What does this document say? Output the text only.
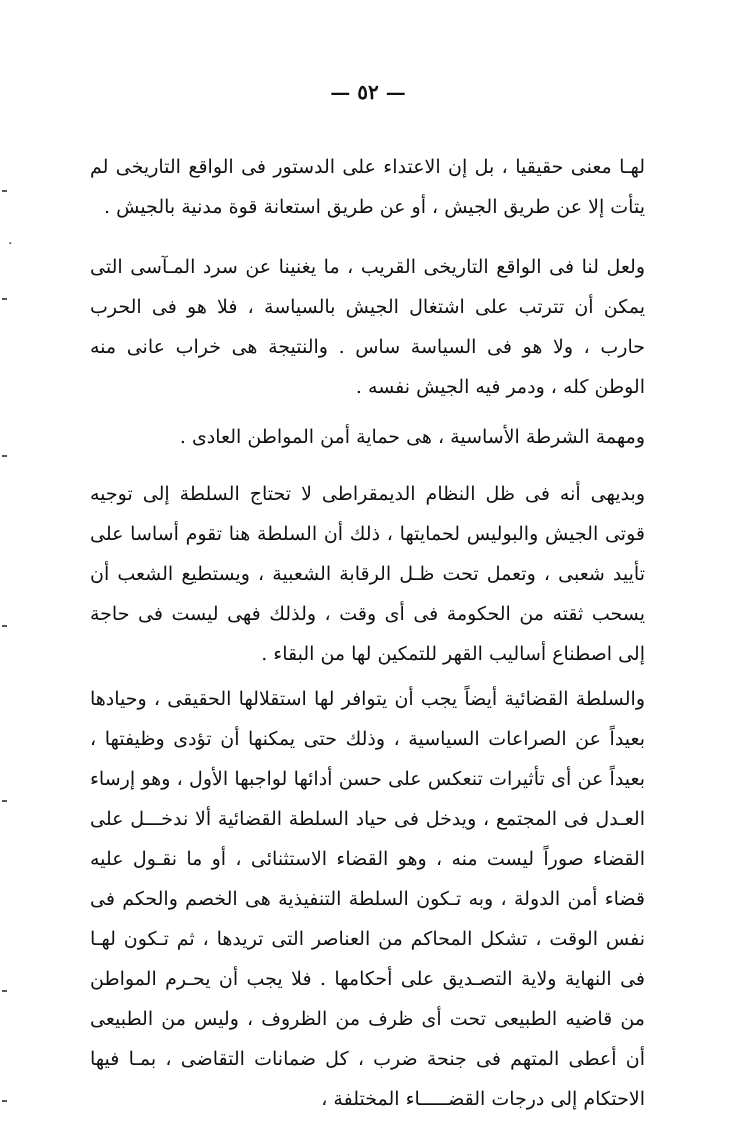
— ٥٢ —

لهـا معنى حقيقيا ، بل إن الاعتداء على الدستور فى الواقع التاريخى لم يتأت إلا عن طريق الجيش ، أو عن طريق استعانة قوة مدنية بالجيش .

ولعل لنا فى الواقع التاريخى القريب ، ما يغنينا عن سرد المـآسى التى يمكن أن تترتب على اشتغال الجيش بالسياسة ، فلا هو فى الحرب حارب ، ولا هو فى السياسة ساس . والنتيجة هى خراب عانى منه الوطن كله ، ودمر فيه الجيش نفسه .

ومهمة الشرطة الأساسية ، هى حماية أمن المواطن العادى .

وبديهى أنه فى ظل النظام الديمقراطى لا تحتاج السلطة إلى توجيه قوتى الجيش والبوليس لحمايتها ، ذلك أن السلطة هنا تقوم أساسا على تأييد شعبى ، وتعمل تحت ظـل الرقابة الشعبية ، ويستطيع الشعب أن يسحب ثقته من الحكومة فى أى وقت ، ولذلك فهى ليست فى حاجة إلى اصطناع أساليب القهر للتمكين لها من البقاء .

والسلطة القضائية أيضاً يجب أن يتوافر لها استقلالها الحقيقى ، وحيادها بعيداً عن الصراعات السياسية ، وذلك حتى يمكنها أن تؤدى وظيفتها ، بعيداً عن أى تأثيرات تنعكس على حسن أدائها لواجبها الأول ، وهو إرساء العـدل فى المجتمع ، ويدخل فى حياد السلطة القضائية ألا ندخـــل على القضاء صوراً ليست منه ، وهو القضاء الاستثنائى ، أو ما نقـول عليه قضاء أمن الدولة ، وبه تـكون السلطة التنفيذية هى الخصم والحكم فى نفس الوقت ، تشكل المحاكم من العناصر التى تريدها ، ثم تـكون لهـا فى النهاية ولاية التصـديق على أحكامها . فلا يجب أن يحـرم المواطن من قاضيه الطبيعى تحت أى ظرف من الظروف ، وليس من الطبيعى أن أعطى المتهم فى جنحة ضرب ، كل ضمانات التقاضى ، بمـا فيها الاحتكام إلى درجات القضـــــاء المختلفة ،

·
